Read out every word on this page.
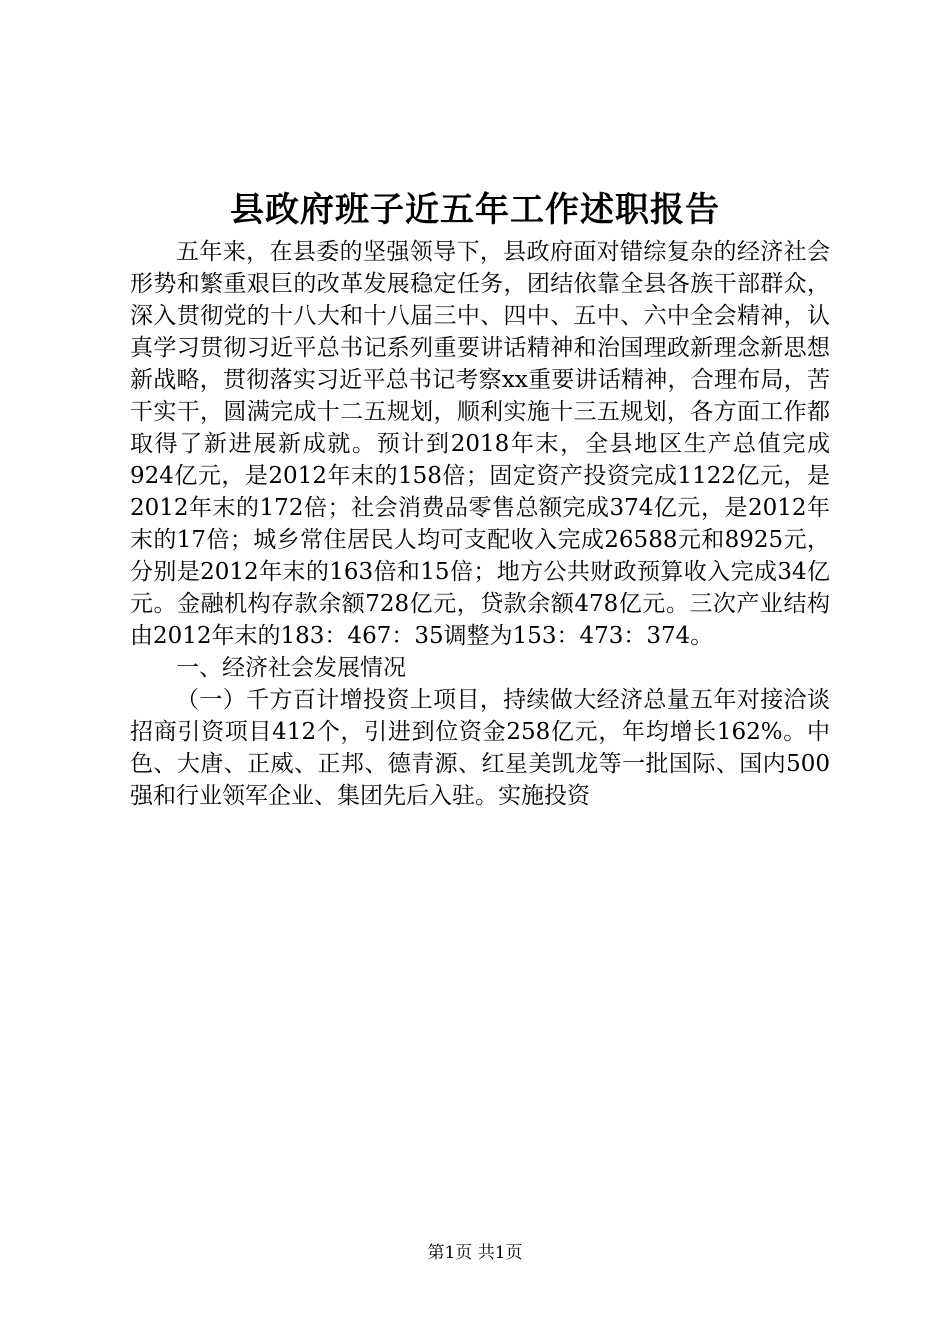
县政府班子近五年工作述职报告

五年来，在县委的坚强领导下，县政府面对错综复杂的经济社会形势和繁重艰巨的改革发展稳定任务，团结依靠全县各族干部群众，深入贯彻党的十八大和十八届三中、四中、五中、六中全会精神，认真学习贯彻习近平总书记系列重要讲话精神和治国理政新理念新思想新战略，贯彻落实习近平总书记考察xx重要讲话精神，合理布局，苦干实干，圆满完成十二五规划，顺利实施十三五规划，各方面工作都取得了新进展新成就。预计到2018年末，全县地区生产总值完成924亿元，是2012年末的158倍；固定资产投资完成1122亿元，是2012年末的172倍；社会消费品零售总额完成374亿元，是2012年末的17倍；城乡常住居民人均可支配收入完成26588元和8925元，分别是2012年末的163倍和15倍；地方公共财政预算收入完成34亿元。金融机构存款余额728亿元，贷款余额478亿元。三次产业结构由2012年末的183：467：35调整为153：473：374。

一、经济社会发展情况

（一）千方百计增投资上项目，持续做大经济总量五年对接洽谈招商引资项目412个，引进到位资金258亿元，年均增长162%。中色、大唐、正威、正邦、德青源、红星美凯龙等一批国际、国内500强和行业领军企业、集团先后入驻。实施投资

第1页 共1页
